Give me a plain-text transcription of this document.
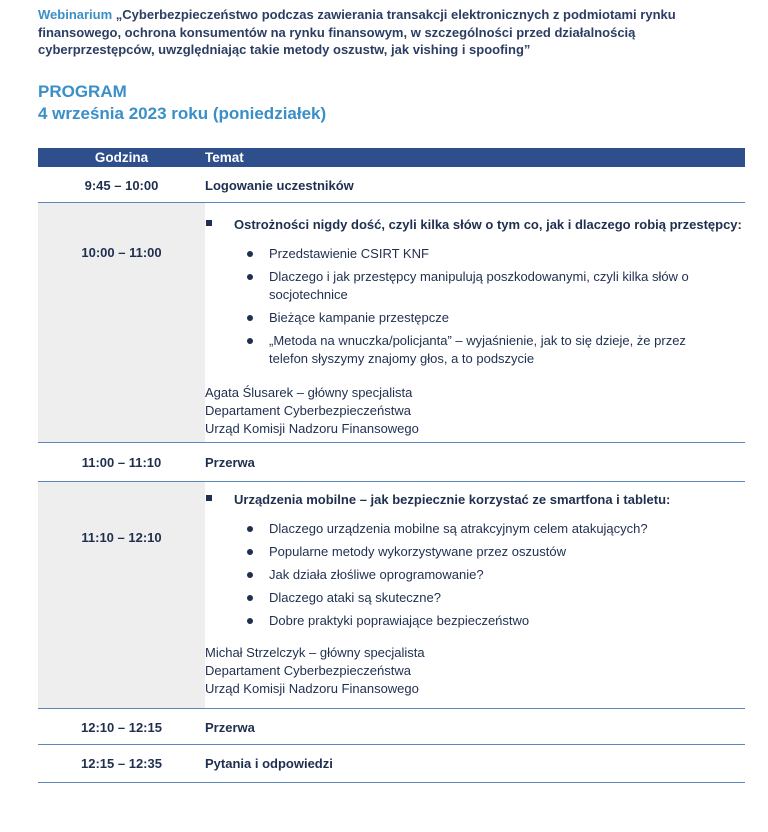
Webinarium „Cyberbezpieczeństwo podczas zawierania transakcji elektronicznych z podmiotami rynku finansowego, ochrona konsumentów na rynku finansowym, w szczególności przed działalnością cyberprzestępców, uwzględniając takie metody oszustw, jak vishing i spoofing”

PROGRAM
4 września 2023 roku (poniedziałek)
Godzina	Temat
9:45 – 10:00	Logowanie uczestników
10:00 – 11:00
Ostrożności nigdy dość, czyli kilka słów o tym co, jak i dlaczego robią przestępcy:
Przedstawienie CSIRT KNF
Dlaczego i jak przestępcy manipulują poszkodowanymi, czyli kilka słów o socjotechnice
Bieżące kampanie przestępcze
„Metoda na wnuczka/policjanta” – wyjaśnienie, jak to się dzieje, że przez telefon słyszymy znajomy głos, a to podszycie
Agata Ślusarek – główny specjalista
Departament Cyberbezpieczeństwa
Urząd Komisji Nadzoru Finansowego
11:00 – 11:10	Przerwa
11:10 – 12:10
Urządzenia mobilne – jak bezpiecznie korzystać ze smartfona i tabletu:
Dlaczego urządzenia mobilne są atrakcyjnym celem atakujących?
Popularne metody wykorzystywane przez oszustów
Jak działa złośliwe oprogramowanie?
Dlaczego ataki są skuteczne?
Dobre praktyki poprawiające bezpieczeństwo
Michał Strzelczyk – główny specjalista
Departament Cyberbezpieczeństwa
Urząd Komisji Nadzoru Finansowego
12:10 – 12:15	Przerwa
12:15 – 12:35	Pytania i odpowiedzi
